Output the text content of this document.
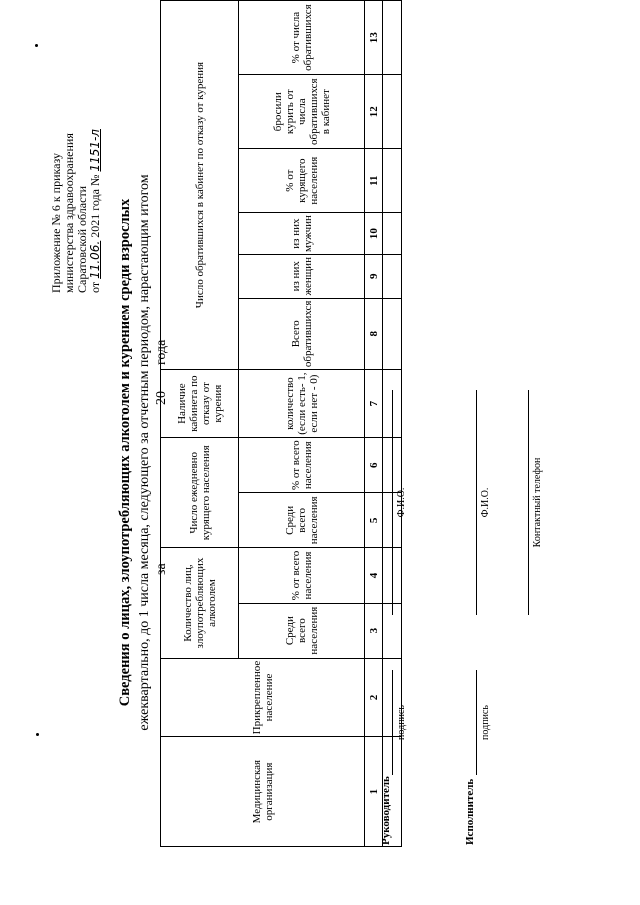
Приложение № 6 к приказу министерства здравоохранения Саратовской области от 11.06. 2021 года № 1151-л
Сведения о лицах, злоупотребляющих алкоголем и курением среди взрослых ежеквартально, до 1 числа месяца, следующего за отчетным периодом, нарастающим итогом за
20
года
Медицинская организация	Прикрепленное население	Количество лиц, злоупотребляющих алкоголем		Число ежедневно курящего населения		Наличие кабинета по отказу от курения	Число обратившихся в кабинет по отказу от курения					
		Среди всего населения	% от всего населения	Среди всего населения	% от всего населения	количество (если есть- 1, если нет - 0)	Всего обратившихся	из них женщин	из них мужчин	% от курящего населения	бросили курить от числа обратившихся в кабинет	% от числа обратившихся
1	2	3	4	5	6	7	8	9	10	11	12	13

Руководитель
подпись
Ф.И.О.
Исполнитель
подпись
Ф.И.О.	Контактный телефон
